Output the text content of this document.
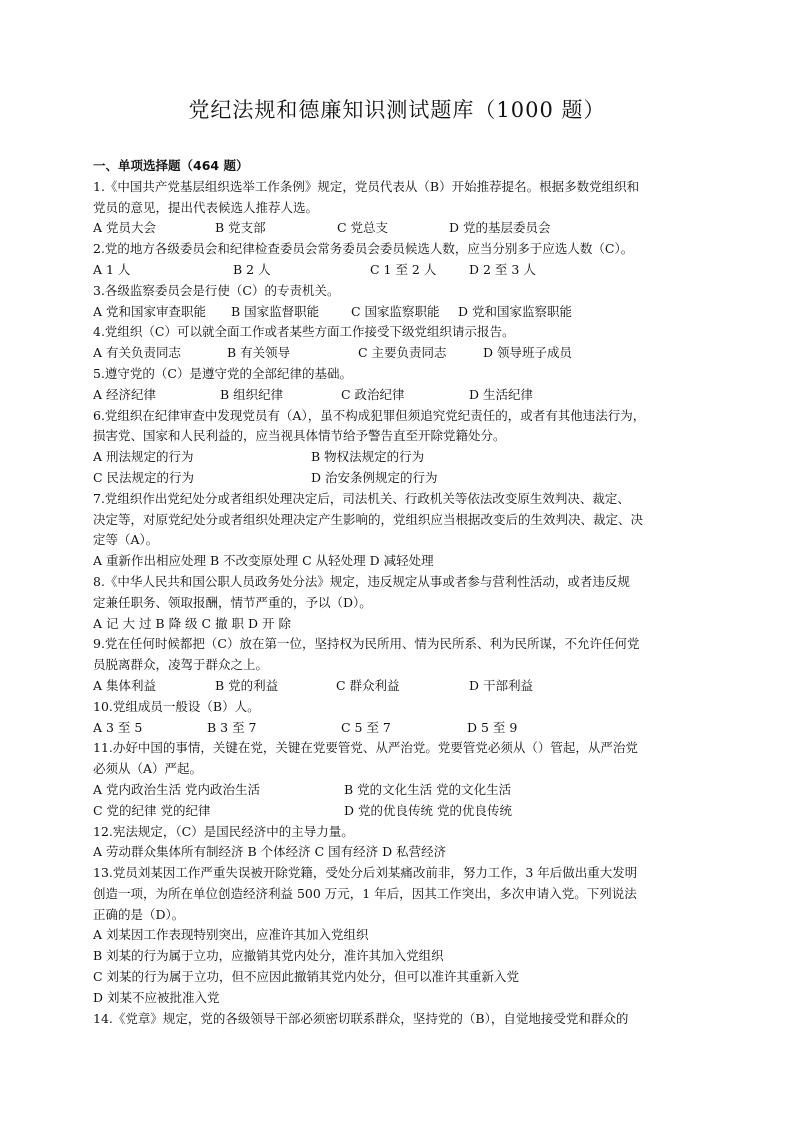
党纪法规和德廉知识测试题库（1000 题）
一、单项选择题（464 题）
1.《中国共产党基层组织选举工作条例》规定，党员代表从（B）开始推荐提名。根据多数党组织和
党员的意见，提出代表候选人推荐人选。
A 党员大会	B 党支部	C 党总支	D 党的基层委员会
2.党的地方各级委员会和纪律检查委员会常务委员会委员候选人数，应当分别多于应选人数（C）。
A 1 人	B 2 人	C 1 至 2 人	D 2 至 3 人
3.各级监察委员会是行使（C）的专责机关。
A 党和国家审查职能 B 国家监督职能	C 国家监察职能 D 党和国家监察职能
4.党组织（C）可以就全面工作或者某些方面工作接受下级党组织请示报告。
A 有关负责同志	B 有关领导	C 主要负责同志	D 领导班子成员
5.遵守党的（C）是遵守党的全部纪律的基础。
A 经济纪律	B 组织纪律	C 政治纪律	D 生活纪律
6.党组织在纪律审查中发现党员有（A），虽不构成犯罪但须追究党纪责任的，或者有其他违法行为，
损害党、国家和人民利益的，应当视具体情节给予警告直至开除党籍处分。
A 刑法规定的行为	B 物权法规定的行为
C 民法规定的行为	D 治安条例规定的行为
7.党组织作出党纪处分或者组织处理决定后，司法机关、行政机关等依法改变原生效判决、裁定、
决定等，对原党纪处分或者组织处理决定产生影响的，党组织应当根据改变后的生效判决、裁定、决
定等（A）。
A 重新作出相应处理 B 不改变原处理 C 从轻处理 D 减轻处理
8.《中华人民共和国公职人员政务处分法》规定，违反规定从事或者参与营利性活动，或者违反规
定兼任职务、领取报酬，情节严重的，予以（D）。
A 记 大 过 B 降 级 C 撤 职 D 开 除
9.党在任何时候都把（C）放在第一位，坚持权为民所用、情为民所系、利为民所谋，不允许任何党
员脱离群众，凌驾于群众之上。
A 集体利益	B 党的利益	C 群众利益	D 干部利益
10.党组成员一般设（B）人。
A 3 至 5	B 3 至 7	C 5 至 7	D 5 至 9
11.办好中国的事情，关键在党，关键在党要管党、从严治党。党要管党必须从（）管起，从严治党
必须从（A）严起。
A 党内政治生活 党内政治生活	B 党的文化生活 党的文化生活
C 党的纪律 党的纪律	D 党的优良传统 党的优良传统
12.宪法规定，（C）是国民经济中的主导力量。
A 劳动群众集体所有制经济 B 个体经济 C 国有经济 D 私营经济
13.党员刘某因工作严重失误被开除党籍，受处分后刘某痛改前非，努力工作，3 年后做出重大发明
创造一项，为所在单位创造经济利益 500 万元，1 年后，因其工作突出，多次申请入党。下列说法
正确的是（D）。
A 刘某因工作表现特别突出，应准许其加入党组织
B 刘某的行为属于立功，应撤销其党内处分，准许其加入党组织
C 刘某的行为属于立功，但不应因此撤销其党内处分，但可以准许其重新入党
D 刘某不应被批准入党
14.《党章》规定，党的各级领导干部必须密切联系群众，坚持党的（B），自觉地接受党和群众的
